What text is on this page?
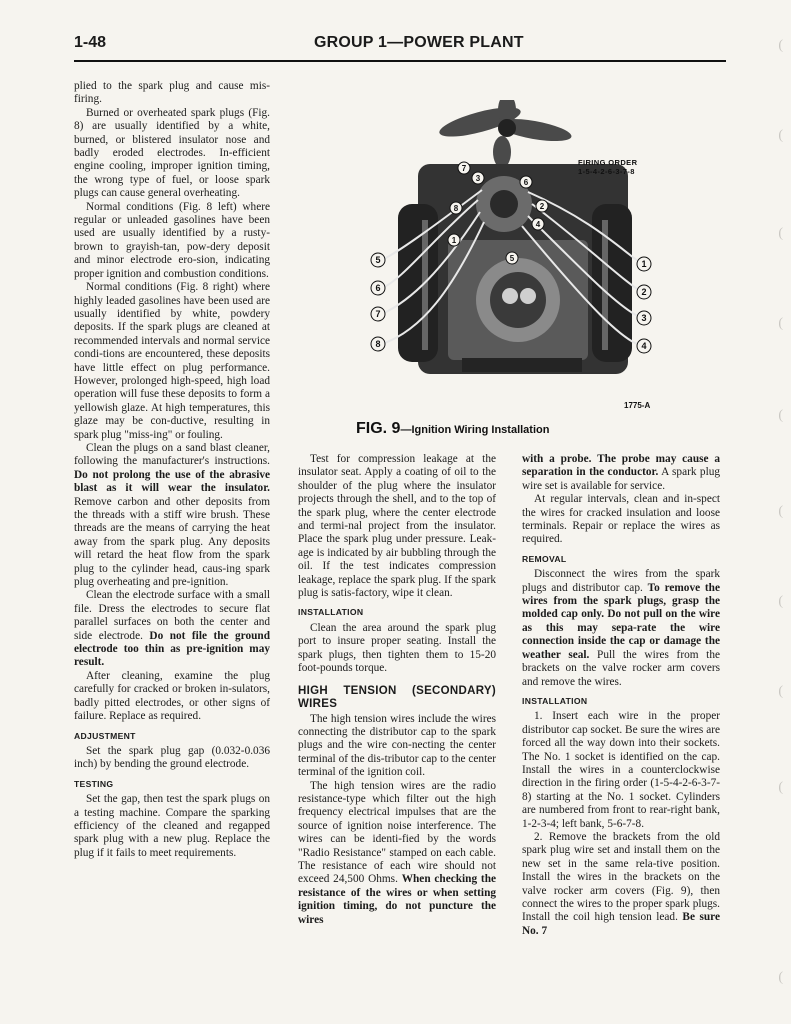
1-48	GROUP 1—POWER PLANT	(
(
(
(
(
(
(
(
(
(

plied to the spark plug and cause mis-firing.

Burned or overheated spark plugs (Fig. 8) are usually identified by a white, burned, or blistered insulator nose and badly eroded electrodes. In-efficient engine cooling, improper ignition timing, the wrong type of fuel, or loose spark plugs can cause general overheating.

Normal conditions (Fig. 8 left) where regular or unleaded gasolines have been used are usually identified by a rusty-brown to grayish-tan, pow-dery deposit and minor electrode ero-sion, indicating proper ignition and combustion conditions.

Normal conditions (Fig. 8 right) where highly leaded gasolines have been used are usually identified by white, powdery deposits. If the spark plugs are cleaned at recommended intervals and normal service condi-tions are encountered, these deposits have little effect on plug performance. However, prolonged high-speed, high load operation will fuse these deposits to form a yellowish glaze. At high temperatures, this glaze may be con-ductive, resulting in spark plug "miss-ing" or fouling.

Clean the plugs on a sand blast cleaner, following the manufacturer's instructions. Do not prolong the use of the abrasive blast as it will wear the insulator. Remove carbon and other deposits from the threads with a stiff wire brush. These threads are the means of carrying the heat away from the spark plug. Any deposits will retard the heat flow from the spark plug to the cylinder head, caus-ing spark plug overheating and pre-ignition.

Clean the electrode surface with a small file. Dress the electrodes to secure flat parallel surfaces on both the center and side electrode. Do not file the ground electrode too thin as pre-ignition may result.

After cleaning, examine the plug carefully for cracked or broken in-sulators, badly pitted electrodes, or other signs of failure. Replace as required.

ADJUSTMENT

Set the spark plug gap (0.032-0.036 inch) by bending the ground electrode.

TESTING

Set the gap, then test the spark plugs on a testing machine. Compare the sparking efficiency of the cleaned and regapped spark plug with a new plug. Replace the plug if it fails to meet requirements.

1
2
3
4
5
6
7
8
7
3	6
8	2
4
1
5
FIRING ORDER
1-5-4-2-6-3-7-8
1775-A
FIG. 9—Ignition Wiring Installation

Test for compression leakage at the insulator seat. Apply a coating of oil to the shoulder of the plug where the insulator projects through the shell, and to the top of the spark plug, where the center electrode and termi-nal project from the insulator. Place the spark plug under pressure. Leak-age is indicated by air bubbling through the oil. If the test indicates compression leakage, replace the spark plug. If the spark plug is satis-factory, wipe it clean.

INSTALLATION

Clean the area around the spark plug port to insure proper seating. Install the spark plugs, then tighten them to 15-20 foot-pounds torque.

HIGH TENSION (SECONDARY) WIRES

The high tension wires include the wires connecting the distributor cap to the spark plugs and the wire con-necting the center terminal of the dis-tributor cap to the center terminal of the ignition coil.

The high tension wires are the radio resistance-type which filter out the high frequency electrical impulses that are the source of ignition noise interference. The wires can be identi-fied by the words "Radio Resistance" stamped on each cable. The resistance of each wire should not exceed 24,500 Ohms. When checking the resistance of the wires or when setting ignition timing, do not puncture the wires

with a probe. The probe may cause a separation in the conductor. A spark plug wire set is available for service.

At regular intervals, clean and in-spect the wires for cracked insulation and loose terminals. Repair or replace the wires as required.

REMOVAL

Disconnect the wires from the spark plugs and distributor cap. To remove the wires from the spark plugs, grasp the molded cap only. Do not pull on the wire as this may sepa-rate the wire connection inside the cap or damage the weather seal. Pull the wires from the brackets on the valve rocker arm covers and remove the wires.

INSTALLATION

1. Insert each wire in the proper distributor cap socket. Be sure the wires are forced all the way down into their sockets. The No. 1 socket is identified on the cap. Install the wires in a counterclockwise direction in the firing order (1-5-4-2-6-3-7-8) starting at the No. 1 socket. Cylinders are numbered from front to rear-right bank, 1-2-3-4; left bank, 5-6-7-8.

2. Remove the brackets from the old spark plug wire set and install them on the new set in the same rela-tive position. Install the wires in the brackets on the valve rocker arm covers (Fig. 9), then connect the wires to the proper spark plugs. Install the coil high tension lead. Be sure No. 7
